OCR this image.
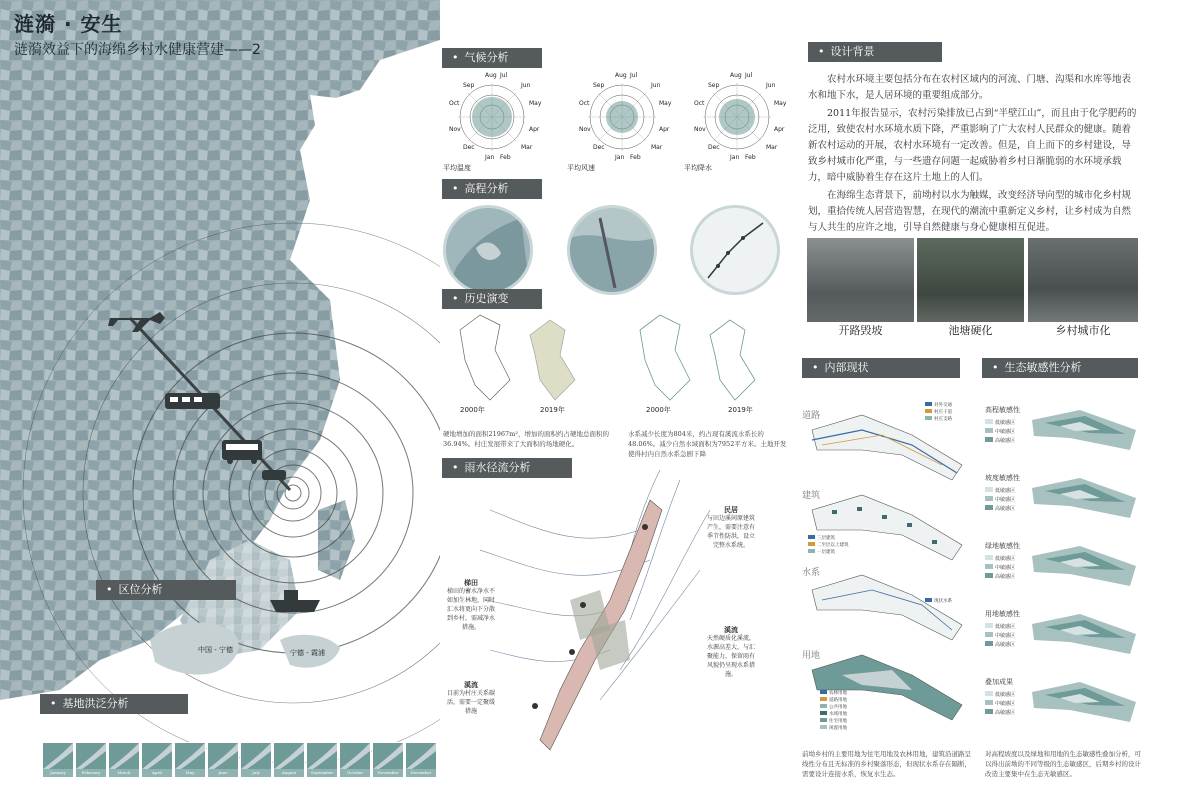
涟漪 · 安生
涟漪效益下的海绵乡村水健康营建——2
中国 - 宁德	宁德 - 霞浦
• 区位分析
• 基地洪泛分析
January	February	March	April	May	June	July	August	September	October	November	December
• 气候分析
平均温度
Aug Jul
Sep	Jun
Oct	May
Nov	Apr
Dec	Mar
Jan Feb
平均风速
Aug Jul
Sep	Jun
Oct	May
Nov	Apr
Dec	Mar
Jan Feb
平均降水
Aug Jul
Sep	Jun
Oct	May
Nov	Apr
Dec	Mar
Jan Feb
• 高程分析
• 历史演变
2000年	2019年	2000年	2019年

硬地增加的面积21967m²，增加的面积约占硬地总面积的36.94%。村庄发展带来了大面积的场地硬化。

水系减少长度为804米，约占现有溪流水系长的48.06%。减少自然水域面积为7952平方米。土地开发使得村内自然水系急剧下降

• 雨水径流分析
民居
与田边溪间原建筑产生，需要注意有季节性防洪，设立完整水系统。
梯田
梯田的蓄水净水不如加生林地，同时汇水将更向下分散到乡村，需减净水措施。	溪流
天然硬质化溪流，水源高差大，与汇聚能力，保留雨有风貌仍呈现水系措施。
溪流
目前为村庄关系碳活，需要一定聚缓措施
• 设计背景

农村水环境主要包括分布在农村区域内的河流、门塘、沟渠和水库等地表水和地下水，是人居环境的重要组成部分。

2011年报告显示，农村污染排放已占到“半壁江山”，而且由于化学肥药的泛用，致使农村水环境水质下降，严重影响了广大农村人民群众的健康。随着新农村运动的开展，农村水环境有一定改善。但是，自上而下的乡村建设，导致乡村城市化严重，与一些遗存问题一起威胁着乡村日渐脆弱的水环境承载力，暗中威胁着生存在这片土地上的人们。

在海绵生态背景下，前坳村以水为触媒，改变经济导向型的城市化乡村规划，重拾传统人居营造智慧，在现代的潮流中重新定义乡村，让乡村成为自然与人共生的应许之地，引导自然健康与身心健康相互促进。

开路毁坡	池塘硬化	乡村城市化
• 内部现状
道路
建筑
水系
用地
对外交通
村庄干道
村庄支路
三层建筑
二至层以上建筑
一层建筑
现状水系
农林用地
道路用地
公共用地
水域用地
住宅用地
闲置用地

前坳乡村的主要用地为住宅用地及农林用地，建筑沿道路呈线性分布且无标准的乡村聚落形态，但现状水系存在隔断，需要设计连接水系，恢复水生态。

• 生态敏感性分析
高程敏感性
低敏感区
中敏感区
高敏感区
坡度敏感性
低敏感区
中敏感区
高敏感区
绿地敏感性
低敏感区
中敏感区
高敏感区
用地敏感性
低敏感区
中敏感区
高敏感区
叠加成果
低敏感区
中敏感区
高敏感区

对高程坡度以及绿地和用地的生态敏感性叠加分析，可以得出前坳的不同等级的生态敏感区，后期乡村的设计改造主要集中在生态无敏感区。
